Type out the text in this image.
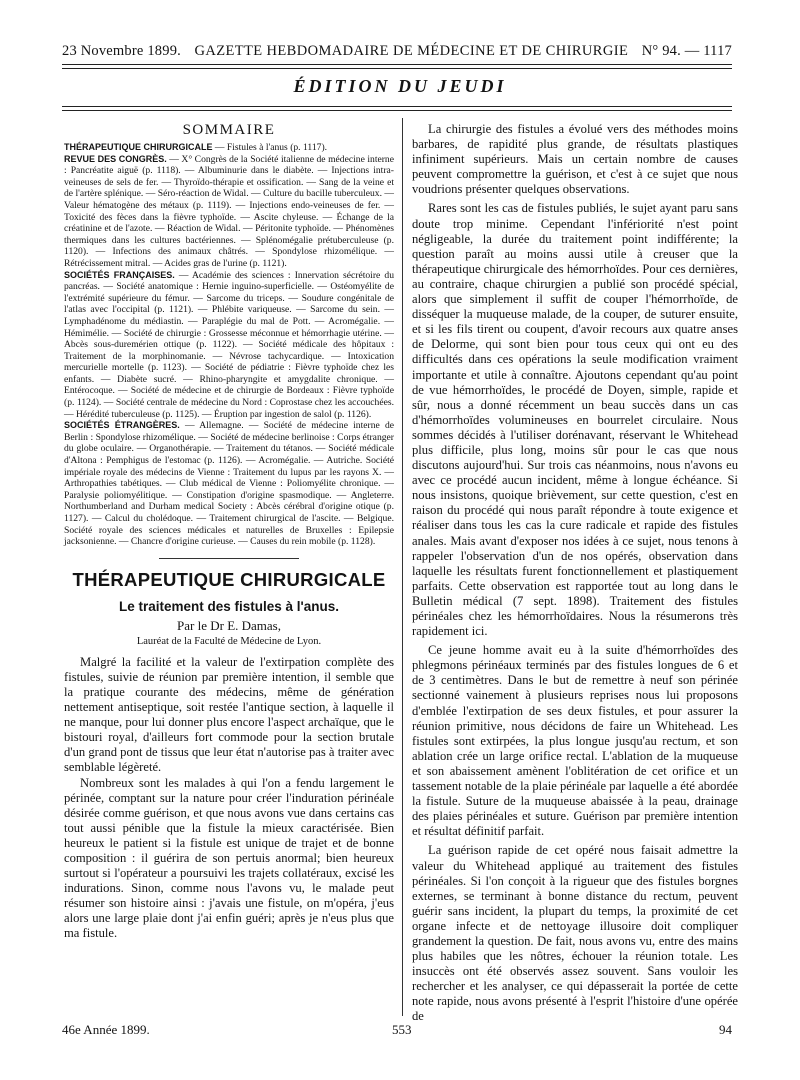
23 Novembre 1899. GAZETTE HEBDOMADAIRE DE MÉDECINE ET DE CHIRURGIE N° 94. — 1117
ÉDITION DU JEUDI
SOMMAIRE

THÉRAPEUTIQUE CHIRURGICALE — Fistules à l'anus (p. 1117).

REVUE DES CONGRÈS. — X° Congrès de la Société italienne de médecine interne : Pancréatite aiguë (p. 1118). — Albuminurie dans le diabète. — Injections intra-veineuses de sels de fer. — Thyroïdo-thérapie et ossification. — Sang de la veine et de l'artère splénique. — Séro-réaction de Widal. — Culture du bacille tuberculeux. — Valeur hématogène des métaux (p. 1119). — Injections endo-veineuses de fer. — Toxicité des fèces dans la fièvre typhoïde. — Ascite chyleuse. — Échange de la créatinine et de l'azote. — Réaction de Widal. — Péritonite typhoïde. — Phénomènes thermiques dans les cultures bactériennes. — Splénomégalie prétuberculeuse (p. 1120). — Infections des animaux châtrés. — Spondylose rhizomélique. — Rétrécissement mitral. — Acides gras de l'urine (p. 1121).

SOCIÉTÉS FRANÇAISES. — Académie des sciences : Innervation sécrétoire du pancréas. — Société anatomique : Hernie inguino-superficielle. — Ostéomyélite de l'extrémité supérieure du fémur. — Sarcome du triceps. — Soudure congénitale de l'atlas avec l'occipital (p. 1121). — Phlébite variqueuse. — Sarcome du sein. — Lymphadénome du médiastin. — Paraplégie du mal de Pott. — Acromégalie. — Hémimélie. — Société de chirurgie : Grossesse méconnue et hémorrhagie utérine. — Abcès sous-duremérien ottique (p. 1122). — Société médicale des hôpitaux : Traitement de la morphinomanie. — Névrose tachycardique. — Intoxication mercurielle mortelle (p. 1123). — Société de pédiatrie : Fièvre typhoïde chez les enfants. — Diabète sucré. — Rhino-pharyngite et amygdalite chronique. — Entérocoque. — Société de médecine et de chirurgie de Bordeaux : Fièvre typhoïde (p. 1124). — Société centrale de médecine du Nord : Coprostase chez les accouchées. — Hérédité tuberculeuse (p. 1125). — Éruption par ingestion de salol (p. 1126).

SOCIÉTÉS ÉTRANGÈRES. — Allemagne. — Société de médecine interne de Berlin : Spondylose rhizomélique. — Société de médecine berlinoise : Corps étranger du globe oculaire. — Organothérapie. — Traitement du tétanos. — Société médicale d'Altona : Pemphigus de l'estomac (p. 1126). — Acromégalie. — Autriche. Société impériale royale des médecins de Vienne : Traitement du lupus par les rayons X. — Arthropathies tabétiques. — Club médical de Vienne : Poliomyélite chronique. — Paralysie poliomyélitique. — Constipation d'origine spasmodique. — Angleterre. Northumberland and Durham medical Society : Abcès cérébral d'origine otique (p. 1127). — Calcul du cholédoque. — Traitement chirurgical de l'ascite. — Belgique. Société royale des sciences médicales et naturelles de Bruxelles : Epilepsie jacksonienne. — Chancre d'origine curieuse. — Causes du rein mobile (p. 1128).

THÉRAPEUTIQUE CHIRURGICALE
Le traitement des fistules à l'anus.
Par le Dr E. Damas,
Lauréat de la Faculté de Médecine de Lyon.

Malgré la facilité et la valeur de l'extirpation complète des fistules, suivie de réunion par première intention, il semble que la pratique courante des médecins, même de génération nettement antiseptique, soit restée l'antique section, à laquelle il ne manque, pour lui donner plus encore l'aspect archaïque, que le bistouri royal, d'ailleurs fort commode pour la section brutale d'un grand pont de tissus que leur état n'autorise pas à traiter avec semblable légèreté.

Nombreux sont les malades à qui l'on a fendu largement le périnée, comptant sur la nature pour créer l'induration périnéale désirée comme guérison, et que nous avons vue dans certains cas tout aussi pénible que la fistule la mieux caractérisée. Bien heureux le patient si la fistule est unique de trajet et de bonne composition : il guérira de son pertuis anormal; bien heureux surtout si l'opérateur a poursuivi les trajets collatéraux, excisé les indurations. Sinon, comme nous l'avons vu, le malade peut résumer son histoire ainsi : j'avais une fistule, on m'opéra, j'eus alors une large plaie dont j'ai enfin guéri; après je n'eus plus que ma fistule.

La chirurgie des fistules a évolué vers des méthodes moins barbares, de rapidité plus grande, de résultats plastiques infiniment supérieurs. Mais un certain nombre de causes peuvent compromettre la guérison, et c'est à ce sujet que nous voudrions présenter quelques observations.

Rares sont les cas de fistules publiés, le sujet ayant paru sans doute trop minime. Cependant l'infériorité n'est point négligeable, la durée du traitement point indifférente; la question paraît au moins aussi utile à creuser que la thérapeutique chirurgicale des hémorrhoïdes. Pour ces dernières, au contraire, chaque chirurgien a publié son procédé spécial, alors que simplement il suffit de couper l'hémorrhoïde, de disséquer la muqueuse malade, de la couper, de suturer ensuite, et si les fils tirent ou coupent, d'avoir recours aux quatre anses de Delorme, qui sont bien pour tous ceux qui ont eu des difficultés dans ces opérations la seule modification vraiment importante et utile à connaître. Ajoutons cependant qu'au point de vue hémorrhoïdes, le procédé de Doyen, simple, rapide et sûr, nous a donné récemment un beau succès dans un cas d'hémorrhoïdes volumineuses en bourrelet circulaire. Nous sommes décidés à l'utiliser dorénavant, réservant le Whitehead plus difficile, plus long, moins sûr pour le cas que nous discutons aujourd'hui. Sur trois cas néanmoins, nous n'avons eu avec ce procédé aucun incident, même à longue échéance. Si nous insistons, quoique brièvement, sur cette question, c'est en raison du procédé qui nous paraît répondre à toute exigence et réaliser dans tous les cas la cure radicale et rapide des fistules anales. Mais avant d'exposer nos idées à ce sujet, nous tenons à rappeler l'observation d'un de nos opérés, observation dans laquelle les résultats furent fonctionnellement et plastiquement parfaits. Cette observation est rapportée tout au long dans le Bulletin médical (7 sept. 1898). Traitement des fistules périnéales chez les hémorrhoïdaires. Nous la résumerons très rapidement ici.

Ce jeune homme avait eu à la suite d'hémorrhoïdes des phlegmons périnéaux terminés par des fistules longues de 6 et de 3 centimètres. Dans le but de remettre à neuf son périnée sectionné vainement à plusieurs reprises nous lui proposons d'emblée l'extirpation de ses deux fistules, et pour assurer la réunion primitive, nous décidons de faire un Whitehead. Les fistules sont extirpées, la plus longue jusqu'au rectum, et son ablation crée un large orifice rectal. L'ablation de la muqueuse et son abaissement amènent l'oblitération de cet orifice et un tassement notable de la plaie périnéale par laquelle a été abordée la fistule. Suture de la muqueuse abaissée à la peau, drainage des plaies périnéales et suture. Guérison par première intention et résultat définitif parfait.

La guérison rapide de cet opéré nous faisait admettre la valeur du Whitehead appliqué au traitement des fistules périnéales. Si l'on conçoit à la rigueur que des fistules borgnes externes, se terminant à bonne distance du rectum, peuvent guérir sans incident, la plupart du temps, la proximité de cet organe infecte et de nettoyage illusoire doit compliquer grandement la question. De fait, nous avons vu, entre des mains plus habiles que les nôtres, échouer la réunion totale. Les insuccès ont été observés assez souvent. Sans vouloir les rechercher et les analyser, ce qui dépasserait la portée de cette note rapide, nous avons présenté à l'esprit l'histoire d'une opérée de

46e Année 1899.	553	94
